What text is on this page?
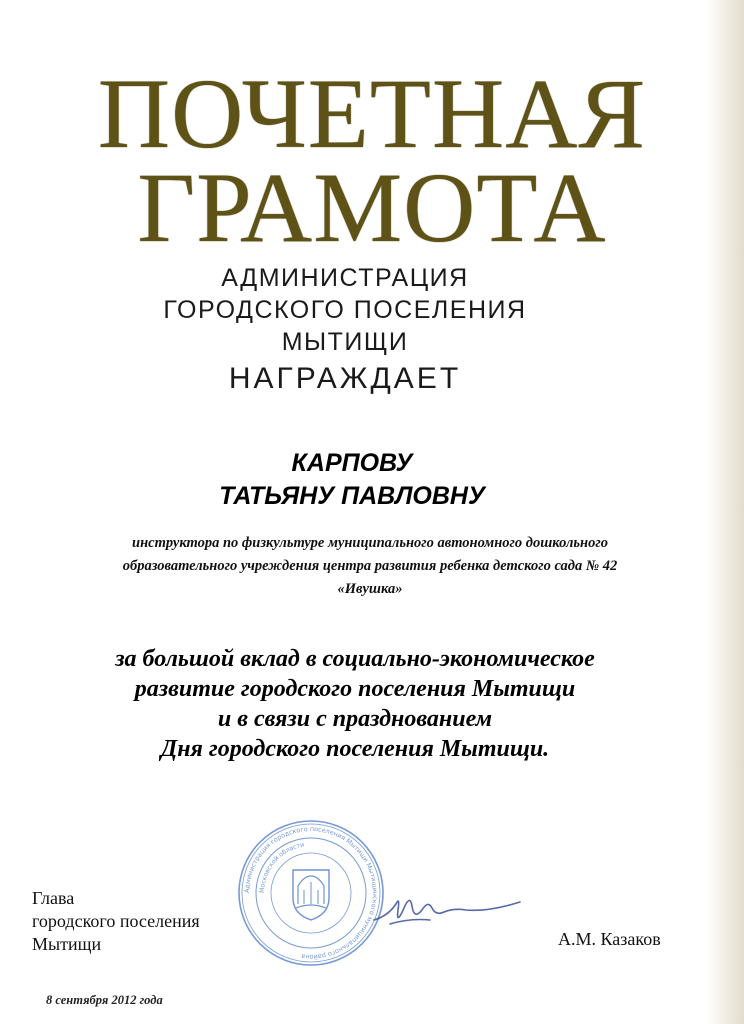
ПОЧЕТНАЯ
ГРАМОТА
АДМИНИСТРАЦИЯ
ГОРОДСКОГО ПОСЕЛЕНИЯ
МЫТИЩИ
НАГРАЖДАЕТ
КАРПОВУ
ТАТЬЯНУ ПАВЛОВНУ
инструктора по физкультуре муниципального автономного дошкольного
образовательного учреждения центра развития ребенка детского сада № 42
«Ивушка»
за большой вклад в социально-экономическое
развитие городского поселения Мытищи
и в связи с празднованием
Дня городского поселения Мытищи.
Администрация городского поселения Мытищи Мытищинского муниципального района
Московской области
Глава
городского поселения
Мытищи	А.М. Казаков
8 сентября 2012 года
